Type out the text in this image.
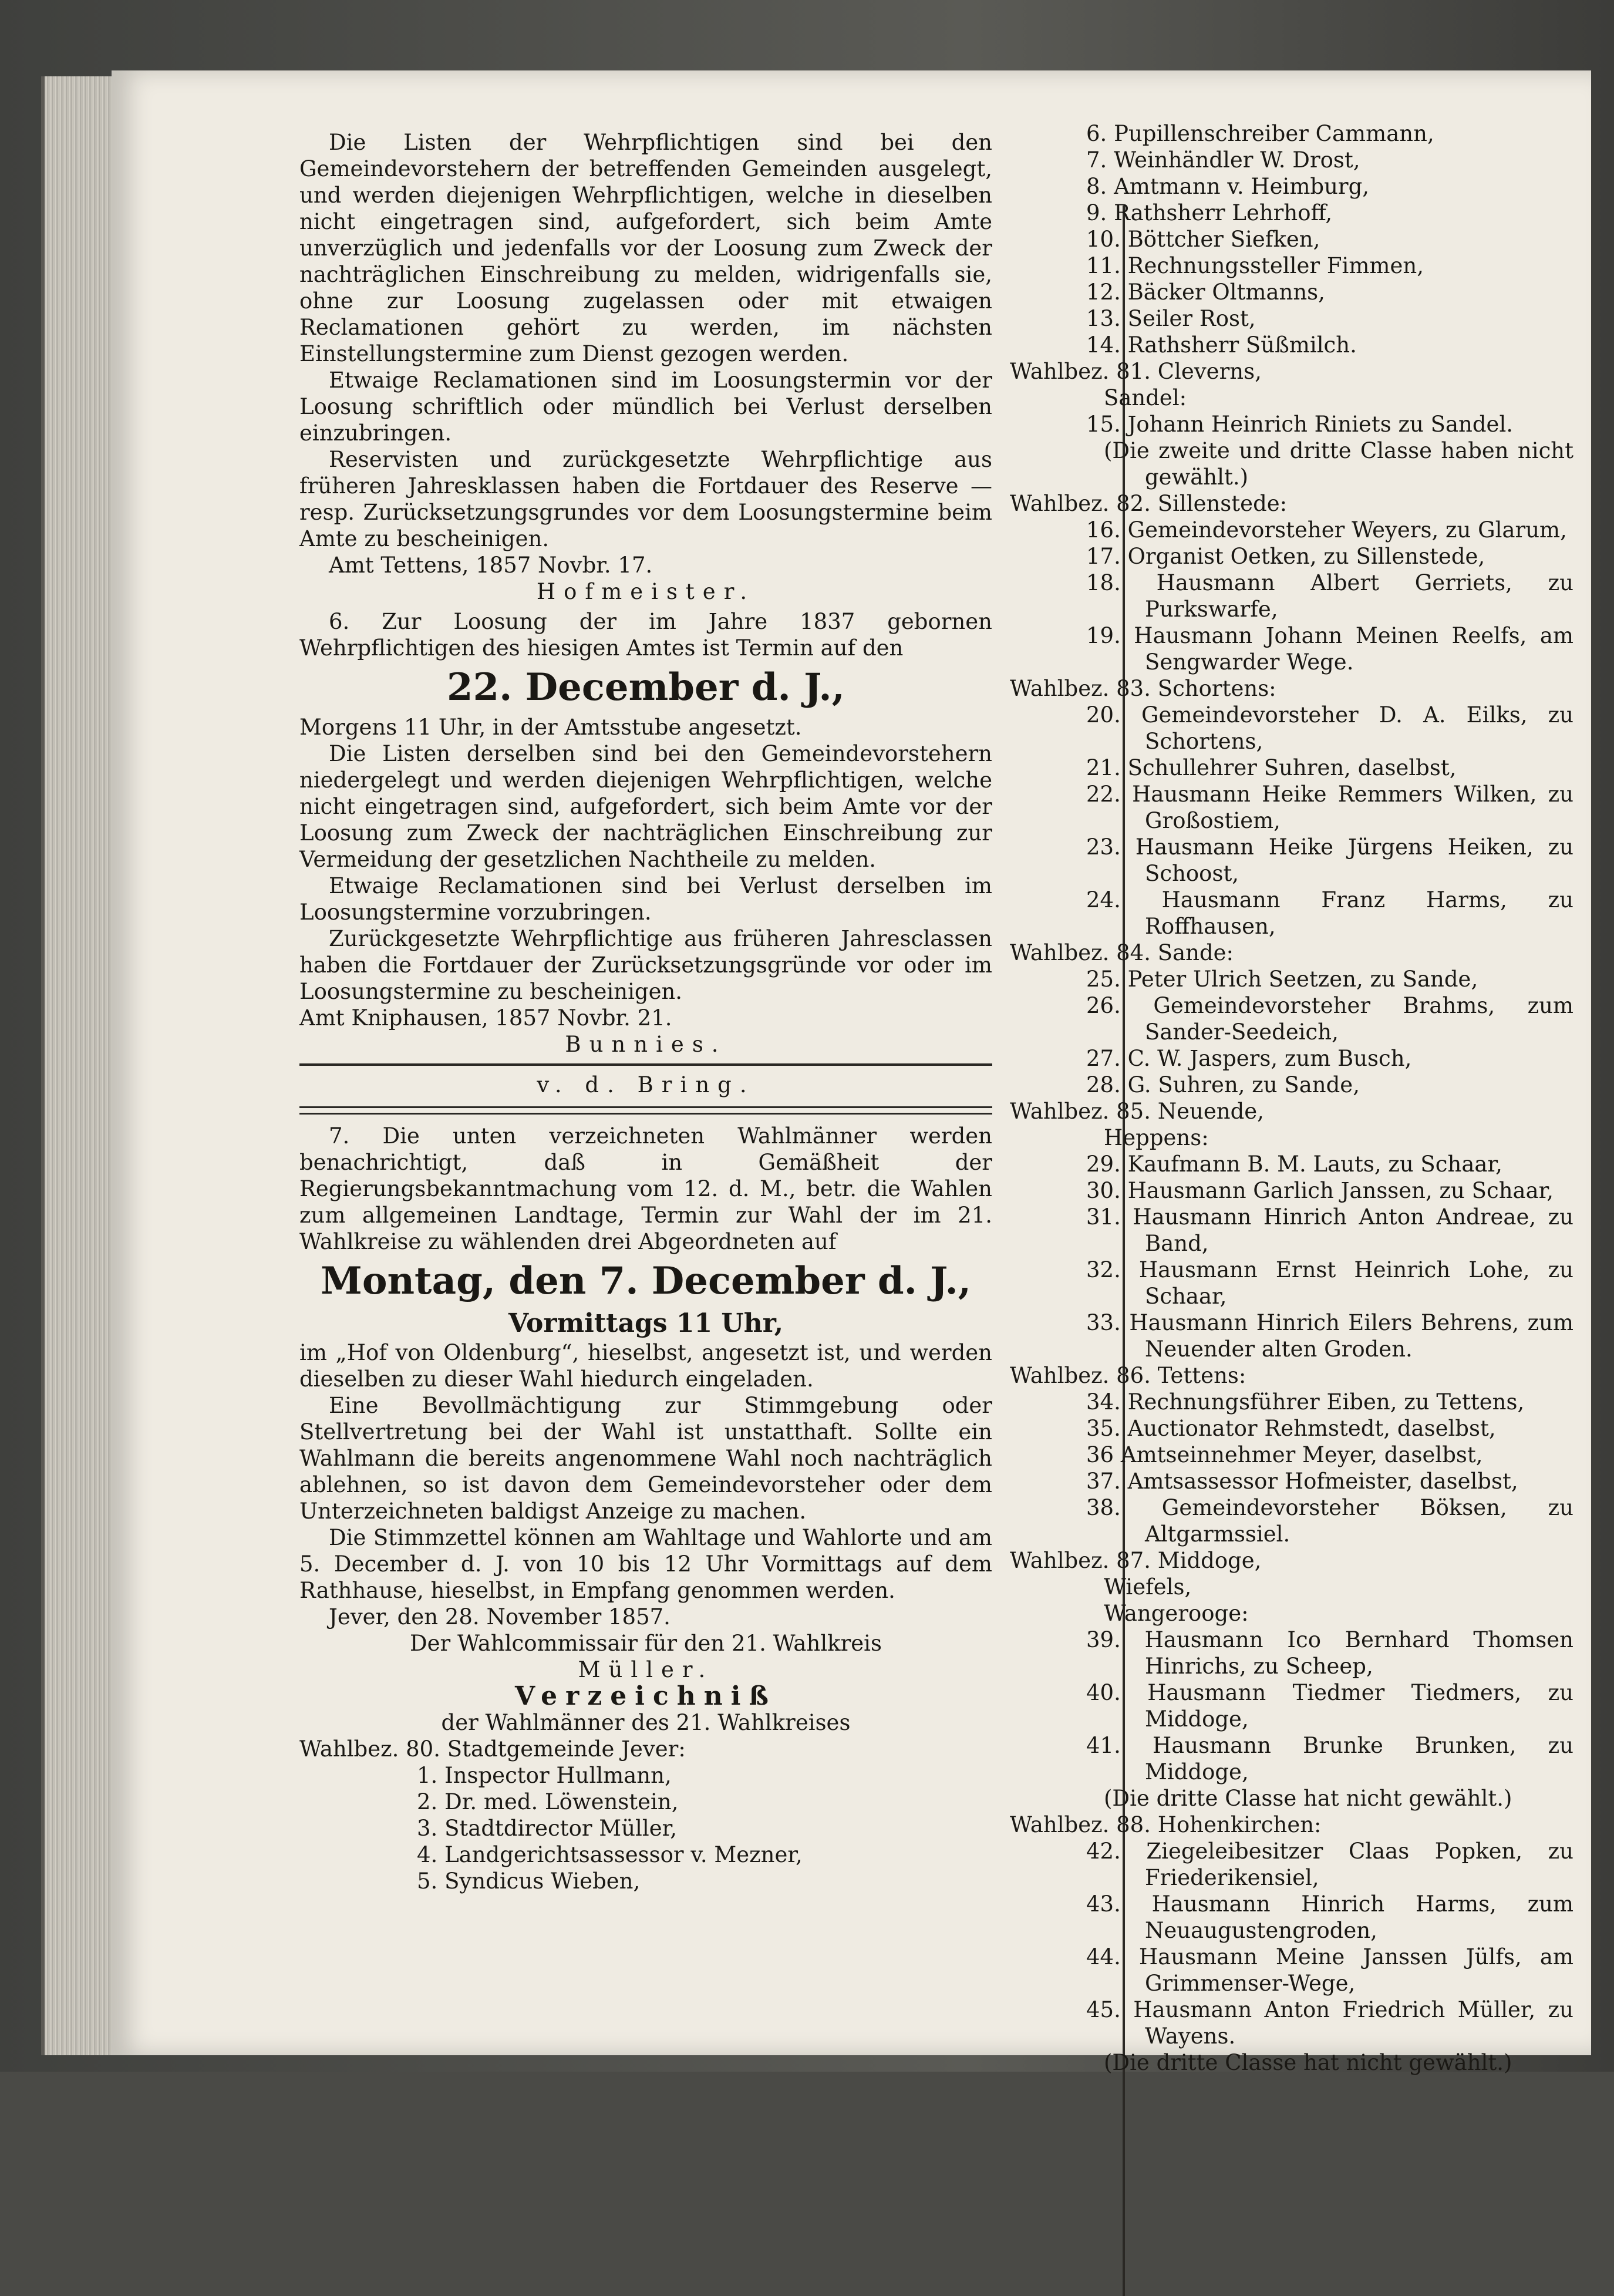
Die Listen der Wehrpflichtigen sind bei den Gemeindevorstehern der betreffenden Gemeinden ausgelegt, und werden diejenigen Wehrpflichtigen, welche in dieselben nicht eingetragen sind, aufgefordert, sich beim Amte unverzüglich und jedenfalls vor der Loosung zum Zweck der nachträglichen Einschreibung zu melden, widrigenfalls sie, ohne zur Loosung zugelassen oder mit etwaigen Reclamationen gehört zu werden, im nächsten Einstellungstermine zum Dienst gezogen werden.

Etwaige Reclamationen sind im Loosungstermin vor der Loosung schriftlich oder mündlich bei Verlust derselben einzubringen.

Reservisten und zurückgesetzte Wehrpflichtige aus früheren Jahresklassen haben die Fortdauer des Reserve — resp. Zurücksetzungsgrundes vor dem Loosungstermine beim Amte zu bescheinigen.

Amt Tettens, 1857 Novbr. 17.

Hofmeister.

6. Zur Loosung der im Jahre 1837 gebornen Wehrpflichtigen des hiesigen Amtes ist Termin auf den

22. December d. J.,

Morgens 11 Uhr, in der Amtsstube angesetzt.

Die Listen derselben sind bei den Gemeindevorstehern niedergelegt und werden diejenigen Wehrpflichtigen, welche nicht eingetragen sind, aufgefordert, sich beim Amte vor der Loosung zum Zweck der nachträglichen Einschreibung zur Vermeidung der gesetzlichen Nachtheile zu melden.

Etwaige Reclamationen sind bei Verlust derselben im Loosungstermine vorzubringen.

Zurückgesetzte Wehrpflichtige aus früheren Jahresclassen haben die Fortdauer der Zurücksetzungsgründe vor oder im Loosungstermine zu bescheinigen.

Amt Kniphausen, 1857 Novbr. 21.

Bunnies.

v. d. Bring.

7. Die unten verzeichneten Wahlmänner werden benachrichtigt, daß in Gemäßheit der Regierungsbekanntmachung vom 12. d. M., betr. die Wahlen zum allgemeinen Landtage, Termin zur Wahl der im 21. Wahlkreise zu wählenden drei Abgeordneten auf

Montag, den 7. December d. J.,

Vormittags 11 Uhr,

im „Hof von Oldenburg“, hieselbst, angesetzt ist, und werden dieselben zu dieser Wahl hiedurch eingeladen.

Eine Bevollmächtigung zur Stimmgebung oder Stellvertretung bei der Wahl ist unstatthaft. Sollte ein Wahlmann die bereits angenommene Wahl noch nachträglich ablehnen, so ist davon dem Gemeindevorsteher oder dem Unterzeichneten baldigst Anzeige zu machen.

Die Stimmzettel können am Wahltage und Wahlorte und am 5. December d. J. von 10 bis 12 Uhr Vormittags auf dem Rathhause, hieselbst, in Empfang genommen werden.

Jever, den 28. November 1857.

Der Wahlcommissair für den 21. Wahlkreis

Müller.

Verzeichniß

der Wahlmänner des 21. Wahlkreises

Wahlbez. 80. Stadtgemeinde Jever:

1. Inspector Hullmann,

2. Dr. med. Löwenstein,

3. Stadtdirector Müller,

4. Landgerichtsassessor v. Mezner,

5. Syndicus Wieben,

6. Pupillenschreiber Cammann,

7. Weinhändler W. Drost,

8. Amtmann v. Heimburg,

9. Rathsherr Lehrhoff,

10. Böttcher Siefken,

11. Rechnungssteller Fimmen,

12. Bäcker Oltmanns,

13. Seiler Rost,

14. Rathsherr Süßmilch.

Wahlbez. 81. Cleverns,

Sandel:

15. Johann Heinrich Riniets zu Sandel.

(Die zweite und dritte Classe haben nicht gewählt.)

Wahlbez. 82. Sillenstede:

16. Gemeindevorsteher Weyers, zu Glarum,

17. Organist Oetken, zu Sillenstede,

18. Hausmann Albert Gerriets, zu Purkswarfe,

19. Hausmann Johann Meinen Reelfs, am Sengwarder Wege.

Wahlbez. 83. Schortens:

20. Gemeindevorsteher D. A. Eilks, zu Schortens,

21. Schullehrer Suhren, daselbst,

22. Hausmann Heike Remmers Wilken, zu Großostiem,

23. Hausmann Heike Jürgens Heiken, zu Schoost,

24. Hausmann Franz Harms, zu Roffhausen,

Wahlbez. 84. Sande:

25. Peter Ulrich Seetzen, zu Sande,

26. Gemeindevorsteher Brahms, zum Sander-Seedeich,

27. C. W. Jaspers, zum Busch,

28. G. Suhren, zu Sande,

Wahlbez. 85. Neuende,

Heppens:

29. Kaufmann B. M. Lauts, zu Schaar,

30. Hausmann Garlich Janssen, zu Schaar,

31. Hausmann Hinrich Anton Andreae, zu Band,

32. Hausmann Ernst Heinrich Lohe, zu Schaar,

33. Hausmann Hinrich Eilers Behrens, zum Neuender alten Groden.

Wahlbez. 86. Tettens:

34. Rechnungsführer Eiben, zu Tettens,

35. Auctionator Rehmstedt, daselbst,

36 Amtseinnehmer Meyer, daselbst,

37. Amtsassessor Hofmeister, daselbst,

38. Gemeindevorsteher Böksen, zu Altgarmssiel.

Wahlbez. 87. Middoge,

Wiefels,

Wangerooge:

39. Hausmann Ico Bernhard Thomsen Hinrichs, zu Scheep,

40. Hausmann Tiedmer Tiedmers, zu Middoge,

41. Hausmann Brunke Brunken, zu Middoge,

(Die dritte Classe hat nicht gewählt.)

Wahlbez. 88. Hohenkirchen:

42. Ziegeleibesitzer Claas Popken, zu Friederikensiel,

43. Hausmann Hinrich Harms, zum Neuaugustengroden,

44. Hausmann Meine Janssen Jülfs, am Grimmenser-Wege,

45. Hausmann Anton Friedrich Müller, zu Wayens.

(Die dritte Classe hat nicht gewählt.)
